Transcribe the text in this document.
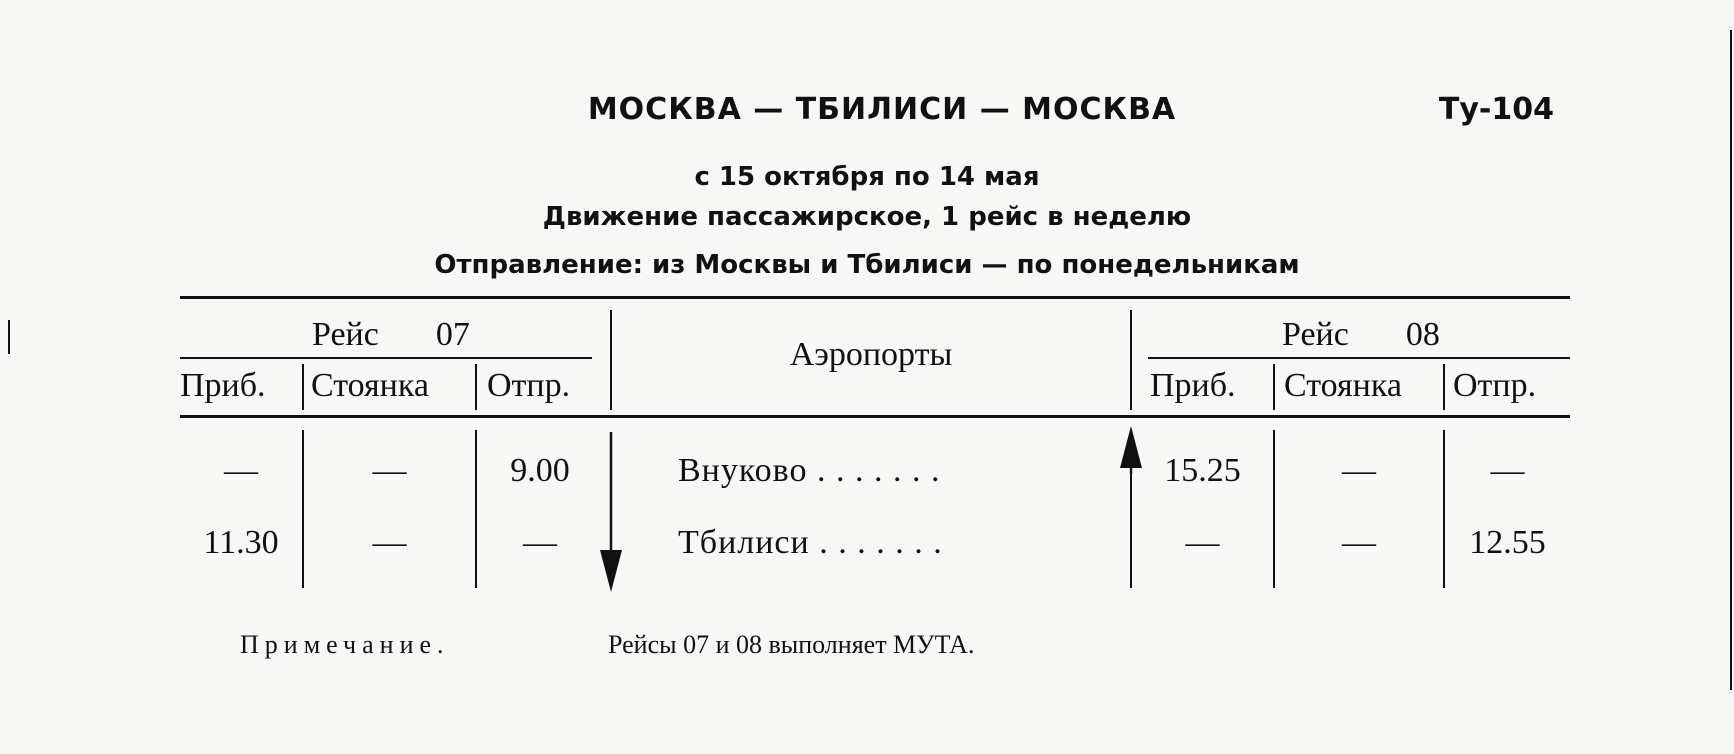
МОСКВА — ТБИЛИСИ — МОСКВА	Ту-104
с 15 октября по 14 мая
Движение пассажирское, 1 рейс в неделю
Отправление: из Москвы и Тбилиси — по понедельникам
Рейс 07
Приб. Стоянка Отпр.
Аэропорты
Рейс 08
Приб. Стоянка Отпр.
—	—	9.00	Внуково . . . . . . .	15.25	—	—
11.30	—	—	Тбилиси . . . . . . .	—	—	12.55
Примечание.	Рейсы 07 и 08 выполняет МУТА.
